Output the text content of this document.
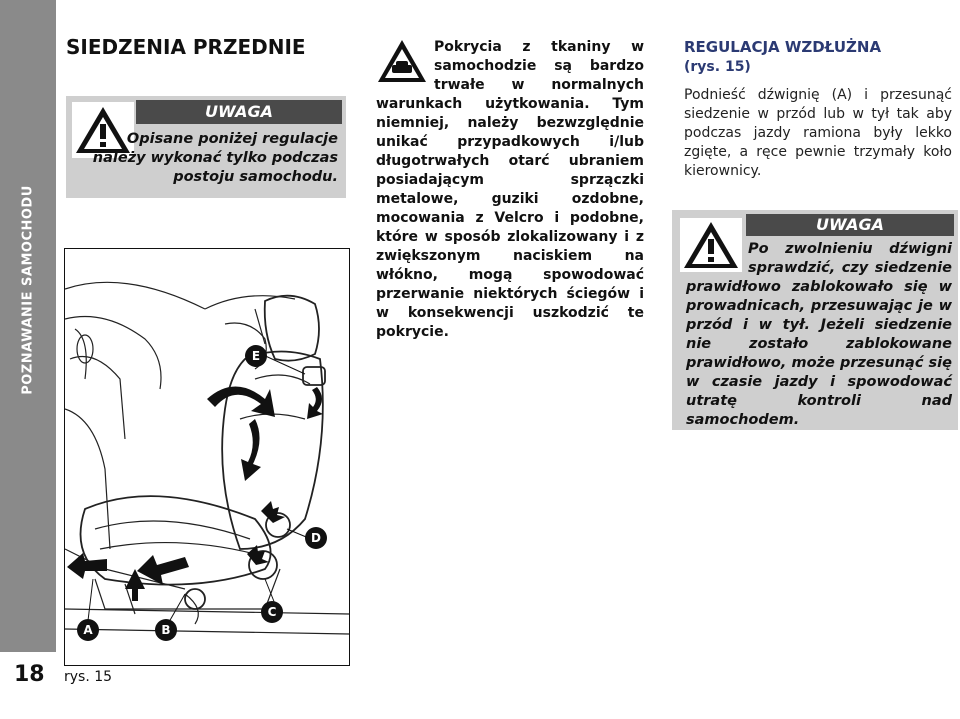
POZNAWANIE SAMOCHODU
18
SIEDZENIA PRZEDNIE
UWAGA
Opisane poniżej regulacje należy wykonać tylko podczas postoju samochodu.
A	B
C
D
E
rys. 15
Pokrycia z tkaniny w samochodzie są bardzo trwałe w normalnych warunkach użytkowania. Tym niemniej, należy bezwzględnie unikać przypadkowych i/lub długotrwałych otarć ubraniem posiadającym sprzączki metalowe, guziki ozdobne, mocowania z Velcro i podobne, które w sposób zlokalizowany i z zwiększonym naciskiem na włókno, mogą spowodować przerwanie niektórych ściegów i w konsekwencji uszkodzić te pokrycie.
REGULACJA WZDŁUŻNA
(rys. 15)
Podnieść dźwignię (A) i przesunąć siedzenie w przód lub w tył tak aby podczas jazdy ramiona były lekko zgięte, a ręce pewnie trzymały koło kierownicy.
UWAGA
Po zwolnieniu dźwigni sprawdzić, czy siedzenie prawidłowo zablokowało się w prowadnicach, przesuwając je w przód i w tył. Jeżeli siedzenie nie zostało zablokowane prawidłowo, może przesunąć się w czasie jazdy i spowodować utratę kontroli nad samochodem.
